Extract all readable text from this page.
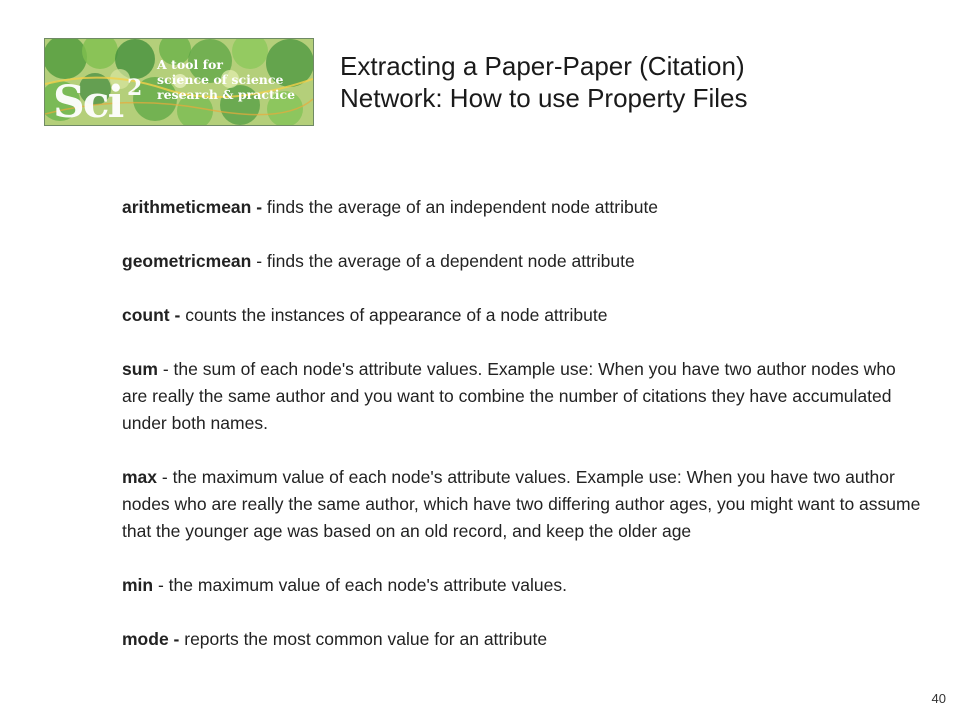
Sci 2
A tool for
science of science
research & practice
Extracting a Paper-Paper (Citation)
Network: How to use Property Files
arithmeticmean - finds the average of an independent node attribute
geometricmean - finds the average of a dependent node attribute
count - counts the instances of appearance of a node attribute
sum - the sum of each node's attribute values. Example use: When you have two author nodes who are really the same author and you want to combine the number of citations they have accumulated under both names.
max - the maximum value of each node's attribute values. Example use: When you have two author nodes who are really the same author, which have two differing author ages, you might want to assume that the younger age was based on an old record, and keep the older age
min - the maximum value of each node's attribute values.
mode - reports the most common value for an attribute
40
